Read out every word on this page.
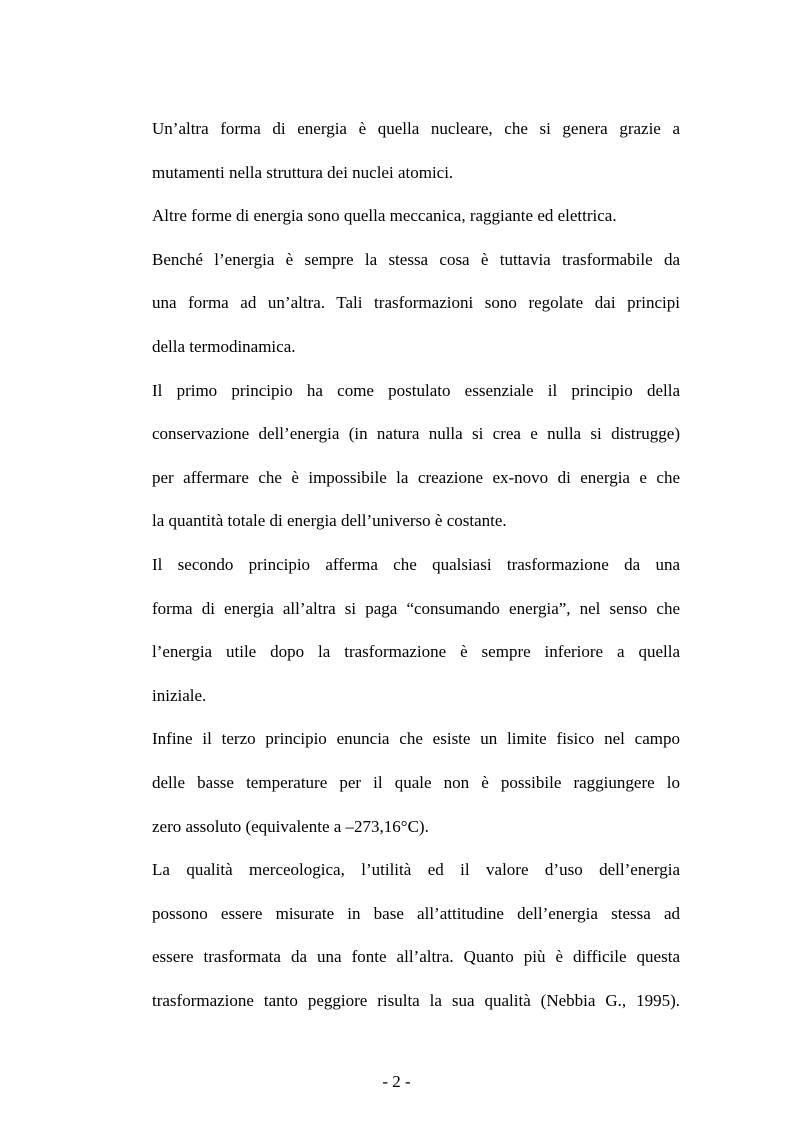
Un’altra forma di energia è quella nucleare, che si genera grazie a
mutamenti nella struttura dei nuclei atomici.
Altre forme di energia sono quella meccanica, raggiante ed elettrica.
Benché l’energia è sempre la stessa cosa è tuttavia trasformabile da
una forma ad un’altra. Tali trasformazioni sono regolate dai principi
della termodinamica.
Il primo principio ha come postulato essenziale il principio della
conservazione dell’energia (in natura nulla si crea e nulla si distrugge)
per affermare che è impossibile la creazione ex-novo di energia e che
la quantità totale di energia dell’universo è costante.
Il secondo principio afferma che qualsiasi trasformazione da una
forma di energia all’altra si paga “consumando energia”, nel senso che
l’energia utile dopo la trasformazione è sempre inferiore a quella
iniziale.
Infine il terzo principio enuncia che esiste un limite fisico nel campo
delle basse temperature per il quale non è possibile raggiungere lo
zero assoluto (equivalente a –273,16°C).
La qualità merceologica, l’utilità ed il valore d’uso dell’energia
possono essere misurate in base all’attitudine dell’energia stessa ad
essere trasformata da una fonte all’altra. Quanto più è difficile questa
trasformazione tanto peggiore risulta la sua qualità (Nebbia G., 1995).
- 2 -
